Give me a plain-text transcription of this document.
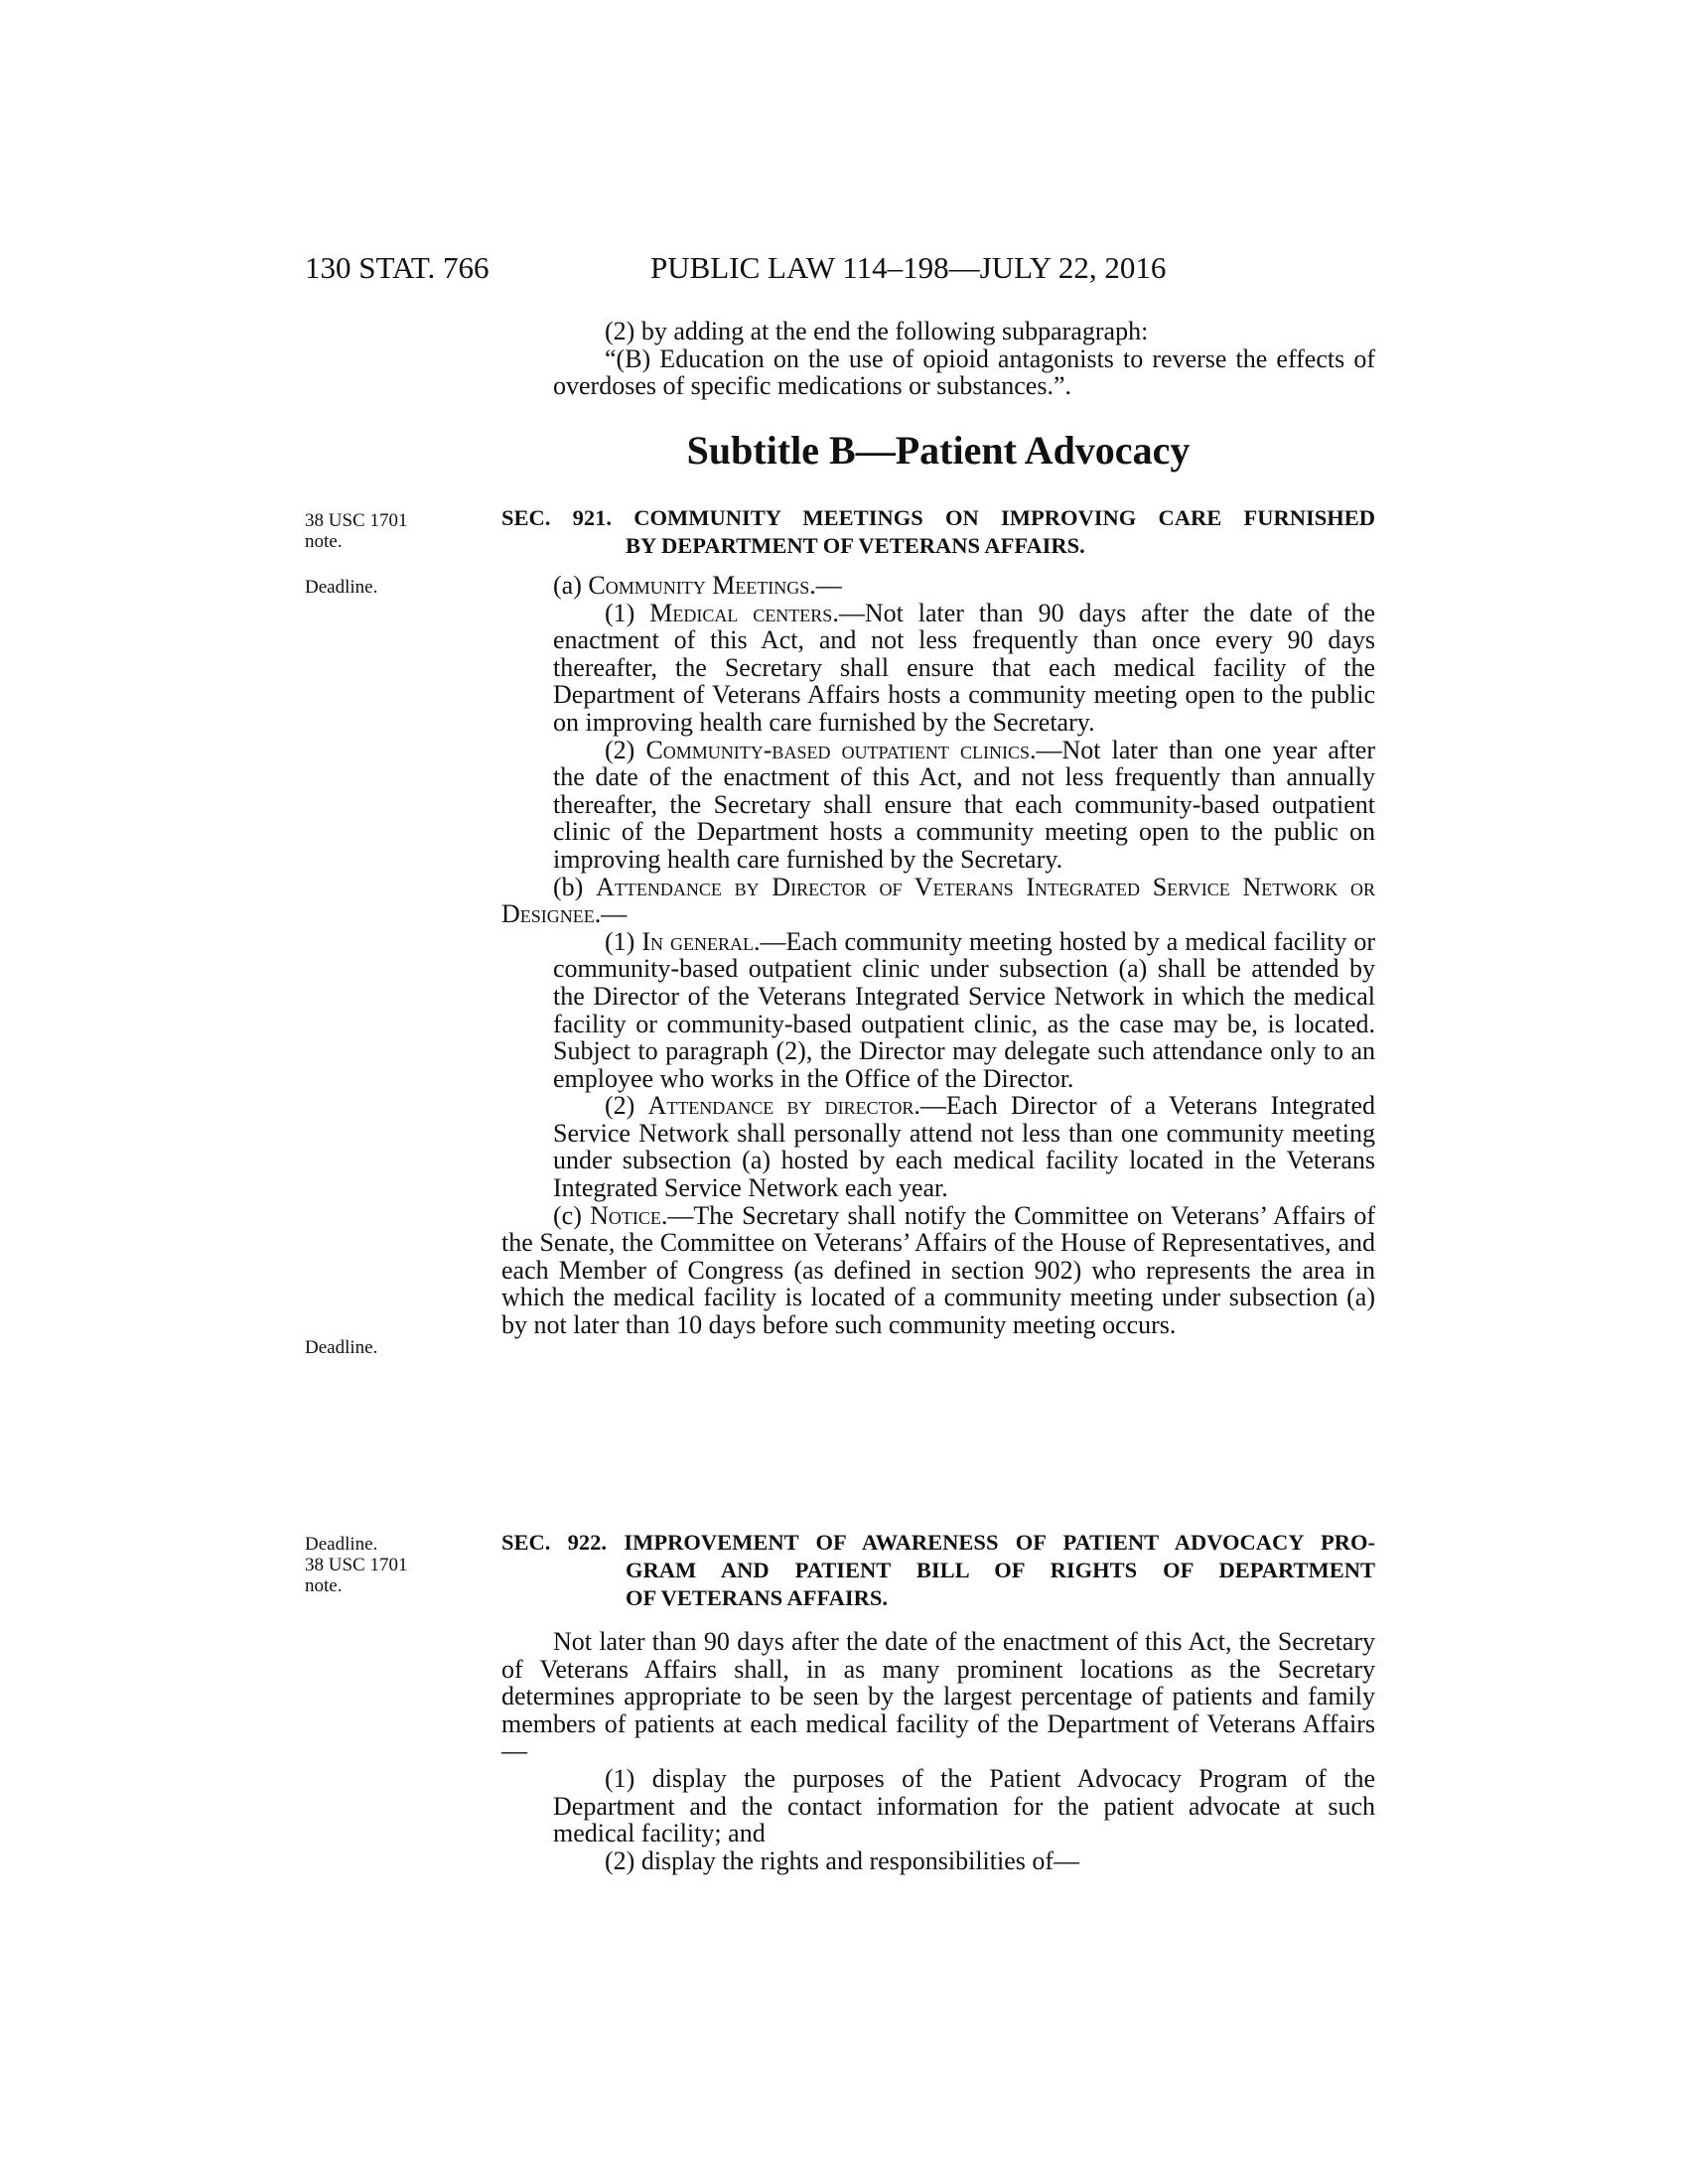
130 STAT. 766	PUBLIC LAW 114–198—JULY 22, 2016

(2) by adding at the end the following subparagraph:

“(B) Education on the use of opioid antagonists to reverse the effects of overdoses of specific medications or substances.”.

Subtitle B—Patient Advocacy
38 USC 1701
note.
Deadline.
Deadline.
Deadline.
38 USC 1701
note.
SEC. 921. COMMUNITY MEETINGS ON IMPROVING CARE FURNISHED
BY DEPARTMENT OF VETERANS AFFAIRS.

(a) Community Meetings.—

(1) Medical centers.—Not later than 90 days after the date of the enactment of this Act, and not less frequently than once every 90 days thereafter, the Secretary shall ensure that each medical facility of the Department of Veterans Affairs hosts a community meeting open to the public on improving health care furnished by the Secretary.

(2) Community-based outpatient clinics.—Not later than one year after the date of the enactment of this Act, and not less frequently than annually thereafter, the Secretary shall ensure that each community-based outpatient clinic of the Department hosts a community meeting open to the public on improving health care furnished by the Secretary.

(b) Attendance by Director of Veterans Integrated Service Network or Designee.—

(1) In general.—Each community meeting hosted by a medical facility or community-based outpatient clinic under subsection (a) shall be attended by the Director of the Veterans Integrated Service Network in which the medical facility or community-based outpatient clinic, as the case may be, is located. Subject to paragraph (2), the Director may delegate such attendance only to an employee who works in the Office of the Director.

(2) Attendance by director.—Each Director of a Veterans Integrated Service Network shall personally attend not less than one community meeting under subsection (a) hosted by each medical facility located in the Veterans Integrated Service Network each year.

(c) Notice.—The Secretary shall notify the Committee on Veterans’ Affairs of the Senate, the Committee on Veterans’ Affairs of the House of Representatives, and each Member of Congress (as defined in section 902) who represents the area in which the medical facility is located of a community meeting under subsection (a) by not later than 10 days before such community meeting occurs.

SEC. 922. IMPROVEMENT OF AWARENESS OF PATIENT ADVOCACY PRO-
GRAM AND PATIENT BILL OF RIGHTS OF DEPARTMENT
OF VETERANS AFFAIRS.

Not later than 90 days after the date of the enactment of this Act, the Secretary of Veterans Affairs shall, in as many prominent locations as the Secretary determines appropriate to be seen by the largest percentage of patients and family members of patients at each medical facility of the Department of Veterans Affairs—

(1) display the purposes of the Patient Advocacy Program of the Department and the contact information for the patient advocate at such medical facility; and

(2) display the rights and responsibilities of—
